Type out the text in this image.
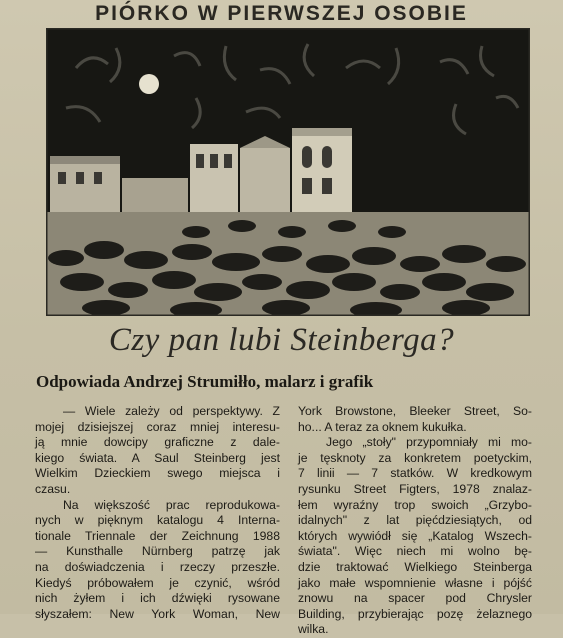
PIÓRKO W PIERWSZEJ OSOBIE
Czy pan lubi Steinberga?
Odpowiada Andrzej Strumiłło, malarz i grafik
— Wiele zależy od perspektywy. Z
mojej dzisiejszej coraz mniej interesu-
ją mnie dowcipy graficzne z dale-
kiego świata. A Saul Steinberg jest
Wielkim Dzieckiem swego miejsca i
czasu.
Na większość prac reprodukowa-
nych w pięknym katalogu 4 Interna-
tionale Triennale der Zeichnung 1988
— Kunsthalle Nürnberg patrzę jak
na doświadczenia i rzeczy przeszłe.
Kiedyś próbowałem je czynić, wśród
nich żyłem i ich dźwięki rysowane
słyszałem: New York Woman, New
York Browstone, Bleeker Street, So-
ho... A teraz za oknem kukułka.
Jego „stoły" przypomniały mi mo-
je tęsknoty za konkretem poetyckim,
7 linii — 7 statków. W kredkowym
rysunku Street Figters, 1978 znalaz-
łem wyraźny trop swoich „Grzybo-
idalnych" z lat pięćdziesiątych, od
których wywiódł się „Katalog Wszech-
świata". Więc niech mi wolno bę-
dzie traktować Wielkiego Steinberga
jako małe wspomnienie własne i pójść
znowu na spacer pod Chrysler
Building, przybierając pozę żelaznego
wilka.
